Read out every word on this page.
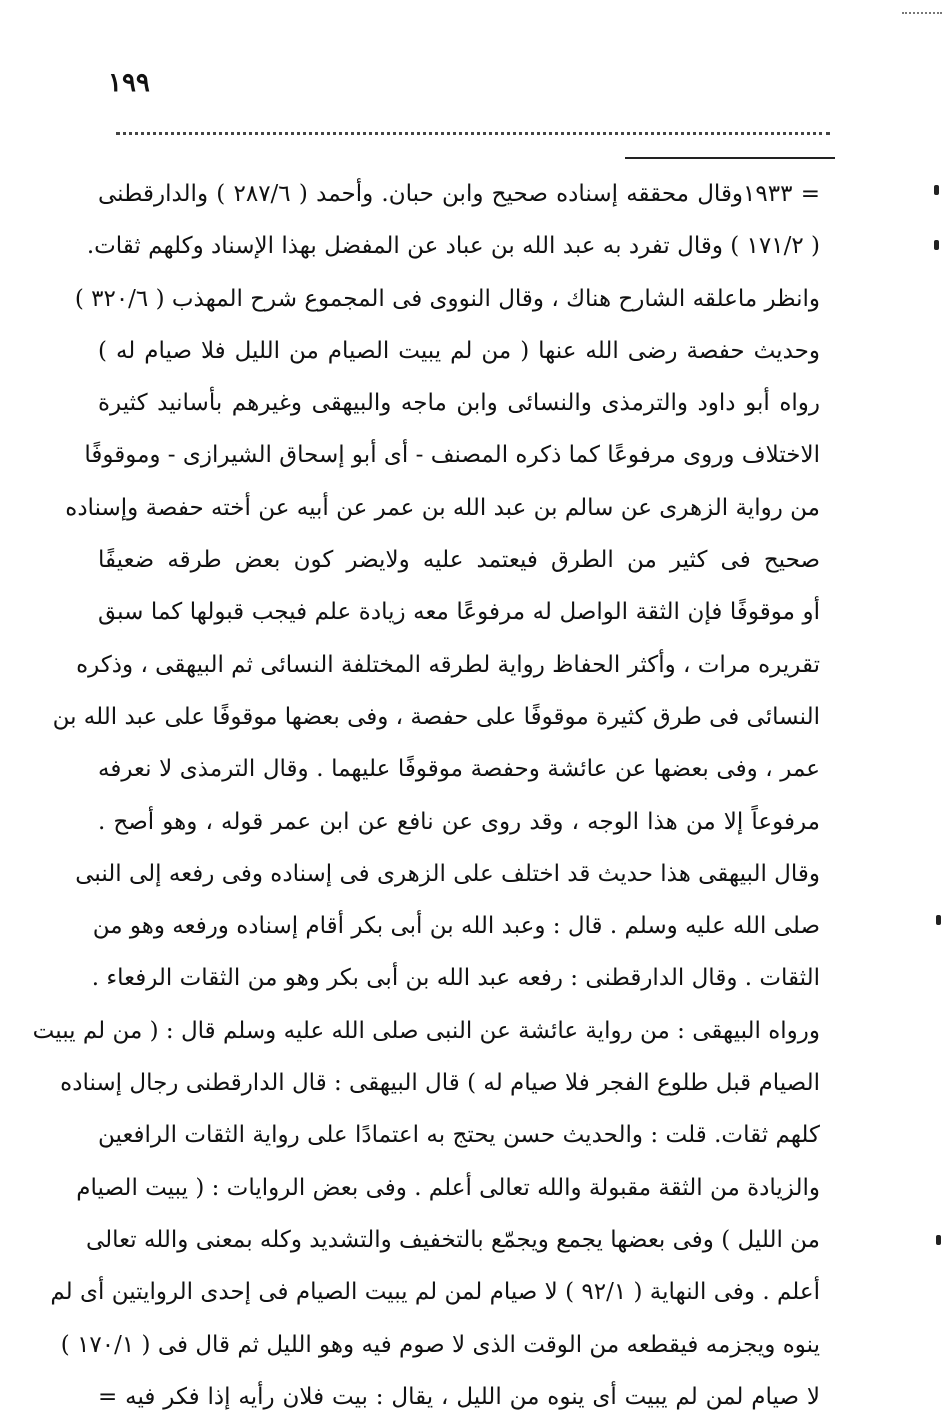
١٩٩
= ١٩٣٣وقال محققه إسناده صحيح وابن حبان. وأحمد ( ٢٨٧/٦ ) والدارقطنى
( ١٧١/٢ ) وقال تفرد به عبد الله بن عباد عن المفضل بهذا الإسناد وكلهم ثقات.
وانظر ماعلقه الشارح هناك ، وقال النووى فى المجموع شرح المهذب ( ٣٢٠/٦ )
وحديث حفصة رضى الله عنها ( من لم يبيت الصيام من الليل فلا صيام له )
رواه أبو داود والترمذى والنسائى وابن ماجه والبيهقى وغيرهم بأسانيد كثيرة
الاختلاف وروى مرفوعًا كما ذكره المصنف - أى أبو إسحاق الشيرازى - وموقوفًا
من رواية الزهرى عن سالم بن عبد الله بن عمر عن أبيه عن أخته حفصة وإسناده
صحيح فى كثير من الطرق فيعتمد عليه ولايضر كون بعض طرقه ضعيفًا
أو موقوفًا فإن الثقة الواصل له مرفوعًا معه زيادة علم فيجب قبولها كما سبق
تقريره مرات ، وأكثر الحفاظ رواية لطرقه المختلفة النسائى ثم البيهقى ، وذكره
النسائى فى طرق كثيرة موقوفًا على حفصة ، وفى بعضها موقوفًا على عبد الله بن
عمر ، وفى بعضها عن عائشة وحفصة موقوفًا عليهما . وقال الترمذى لا نعرفه
مرفوعاً إلا من هذا الوجه ، وقد روى عن نافع عن ابن عمر قوله ، وهو أصح .
وقال البيهقى هذا حديث قد اختلف على الزهرى فى إسناده وفى رفعه إلى النبى
صلى الله عليه وسلم . قال : وعبد الله بن أبى بكر أقام إسناده ورفعه وهو من
الثقات . وقال الدارقطنى : رفعه عبد الله بن أبى بكر وهو من الثقات الرفعاء .
ورواه البيهقى : من رواية عائشة عن النبى صلى الله عليه وسلم قال : ( من لم يبيت
الصيام قبل طلوع الفجر فلا صيام له ) قال البيهقى : قال الدارقطنى رجال إسناده
كلهم ثقات. قلت : والحديث حسن يحتج به اعتمادًا على رواية الثقات الرافعين
والزيادة من الثقة مقبولة والله تعالى أعلم . وفى بعض الروايات : ( يبيت الصيام
من الليل ) وفى بعضها يجمع ويجمّع بالتخفيف والتشديد وكله بمعنى والله تعالى
أعلم . وفى النهاية ( ٩٢/١ ) لا صيام لمن لم يبيت الصيام فى إحدى الروايتين أى لم
ينوه ويجزمه فيقطعه من الوقت الذى لا صوم فيه وهو الليل ثم قال فى ( ١٧٠/١ )
لا صيام لمن لم يبيت أى ينوه من الليل ، يقال : بيت فلان رأيه إذا فكر فيه =
